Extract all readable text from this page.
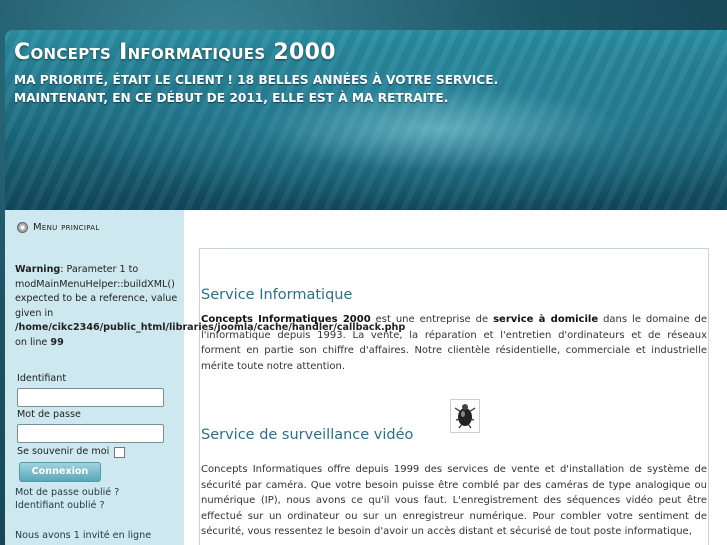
Concepts Informatiques 2000

MA PRIORITÉ, ÉTAIT LE CLIENT ! 18 BELLES ANNÉES À VOTRE SERVICE.
MAINTENANT, EN CE DÉBUT DE 2011, ELLE EST À MA RETRAITE.

Menu principal
Warning: Parameter 1 to modMainMenuHelper::buildXML() expected to be a reference, value given in
/home/cikc2346/public_html/libraries/joomla/cache/handler/callback.php
on line 99
Identifiant
Mot de passe
Se souvenir de moi
Connexion
Mot de passe oublié ?
Identifiant oublié ?
Nous avons 1 invité en ligne
Service Informatique

Concepts Informatiques 2000 est une entreprise de service à domicile dans le domaine de l'informatique depuis 1993. La vente, la réparation et l'entretien d'ordinateurs et de réseaux forment en partie son chiffre d'affaires. Notre clientèle résidentielle, commerciale et industrielle mérite toute notre attention.

Service de surveillance vidéo

Concepts Informatiques offre depuis 1999 des services de vente et d'installation de système de sécurité par caméra. Que votre besoin puisse être comblé par des caméras de type analogique ou numérique (IP), nous avons ce qu'il vous faut. L'enregistrement des séquences vidéo peut être effectué sur un ordinateur ou sur un enregistreur numérique. Pour combler votre sentiment de sécurité, vous ressentez le besoin d'avoir un accès distant et sécurisé de tout poste informatique,
